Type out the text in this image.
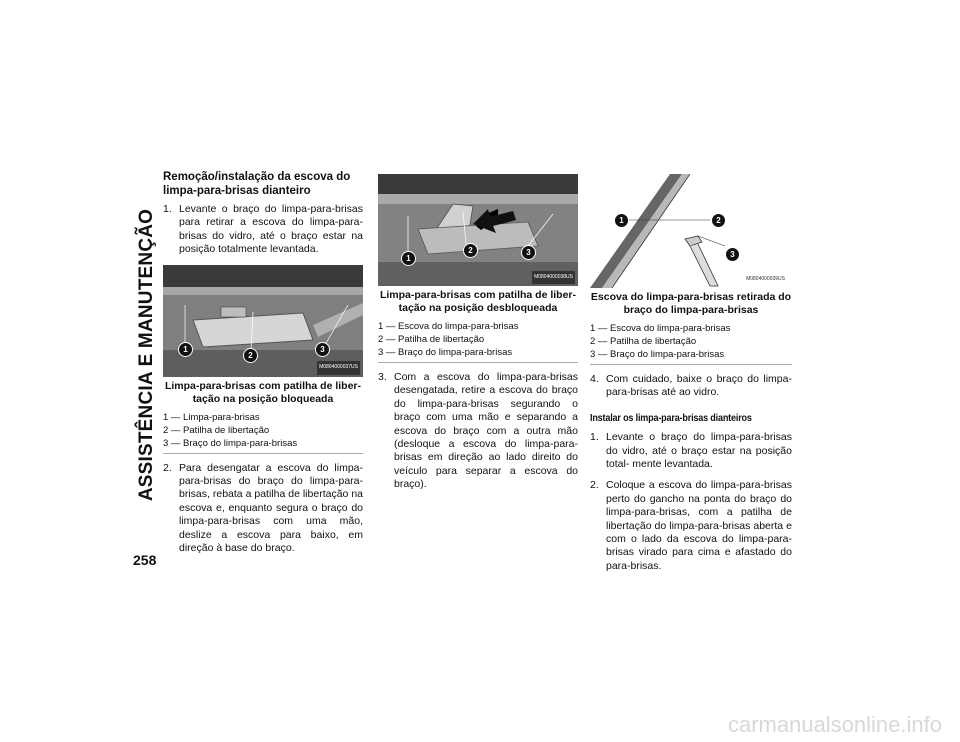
ASSISTÊNCIA E MANUTENÇÃO
258
Remoção/instalação da escova do limpa-para-brisas dianteiro

1. Levante o braço do limpa-para-brisas para retirar a escova do limpa-para-brisas do vidro, até o braço estar na posição totalmente levantada.

1
2
3
M0804000037US
Limpa-para-brisas com patilha de liber- tação na posição bloqueada
1 — Limpa-para-brisas
2 — Patilha de libertação
3 — Braço do limpa-para-brisas

2. Para desengatar a escova do limpa-para-brisas do braço do limpa-para-brisas, rebata a patilha de libertação na escova e, enquanto segura o braço do limpa-para-brisas com uma mão, deslize a escova para baixo, em direção à base do braço.

1
2	3
M0804000038US
Limpa-para-brisas com patilha de liber- tação na posição desbloqueada
1 — Escova do limpa-para-brisas
2 — Patilha de libertação
3 — Braço do limpa-para-brisas

3. Com a escova do limpa-para-brisas desengatada, retire a escova do braço do limpa-para-brisas segurando o braço com uma mão e separando a escova do braço com a outra mão (desloque a escova do limpa-para-brisas em direção ao lado direito do veículo para separar a escova do braço).

1	2
3
M0804000039US
Escova do limpa-para-brisas retirada do braço do limpa-para-brisas
1 — Escova do limpa-para-brisas
2 — Patilha de libertação
3 — Braço do limpa-para-brisas

4. Com cuidado, baixe o braço do limpa-para-brisas até ao vidro.

Instalar os limpa-para-brisas dianteiros

1. Levante o braço do limpa-para-brisas do vidro, até o braço estar na posição total- mente levantada.

2. Coloque a escova do limpa-para-brisas perto do gancho na ponta do braço do limpa-para-brisas, com a patilha de libertação do limpa-para-brisas aberta e com o lado da escova do limpa-para-brisas virado para cima e afastado do para-brisas.

carmanualsonline.info
